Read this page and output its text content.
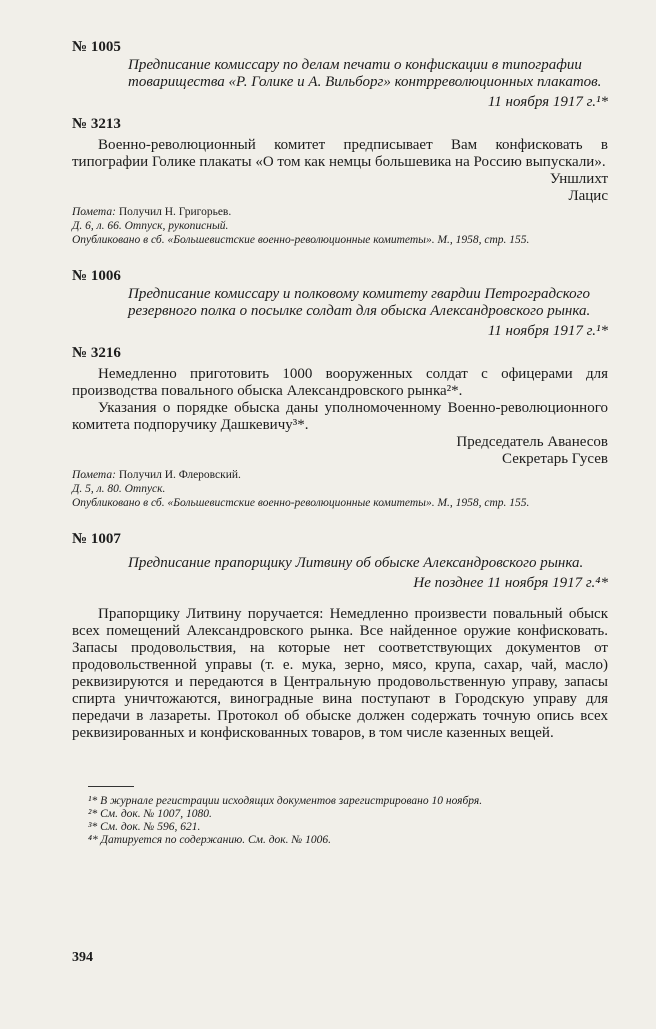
№ 1005

Предписание комиссару по делам печати о конфискации в типографии товарищества «Р. Голике и А. Вильборг» контрреволюционных плакатов.

11 ноября 1917 г.¹*

№ 3213

Военно-революционный комитет предписывает Вам конфисковать в типографии Голике плакаты «О том как немцы большевика на Россию выпускали».

Уншлихт

Лацис

Помета: Получил Н. Григорьев.

Д. 6, л. 66. Отпуск, рукописный.

Опубликовано в сб. «Большевистские военно-революционные комитеты». М., 1958, стр. 155.

№ 1006

Предписание комиссару и полковому комитету гвардии Петроградского резервного полка о посылке солдат для обыска Александровского рынка.

11 ноября 1917 г.¹*

№ 3216

Немедленно приготовить 1000 вооруженных солдат с офицерами для производства повального обыска Александровского рынка²*.

Указания о порядке обыска даны уполномоченному Военно-революционного комитета подпоручику Дашкевичу³*.

Председатель Аванесов

Секретарь Гусев

Помета: Получил И. Флеровский.

Д. 5, л. 80. Отпуск.

Опубликовано в сб. «Большевистские военно-революционные комитеты». М., 1958, стр. 155.

№ 1007

Предписание прапорщику Литвину об обыске Александровского рынка.

Не позднее 11 ноября 1917 г.⁴*

Прапорщику Литвину поручается: Немедленно произвести повальный обыск всех помещений Александровского рынка. Все найденное оружие конфисковать. Запасы продовольствия, на которые нет соответствующих документов от продовольственной управы (т. е. мука, зерно, мясо, крупа, сахар, чай, масло) реквизируются и передаются в Центральную продовольственную управу, запасы спирта уничтожаются, виноградные вина поступают в Городскую управу для передачи в лазареты. Протокол об обыске должен содержать точную опись всех реквизированных и конфискованных товаров, в том числе казенных вещей.

¹* В журнале регистрации исходящих документов зарегистрировано 10 ноября.

²* См. док. № 1007, 1080.

³* См. док. № 596, 621.

⁴* Датируется по содержанию. См. док. № 1006.

394
